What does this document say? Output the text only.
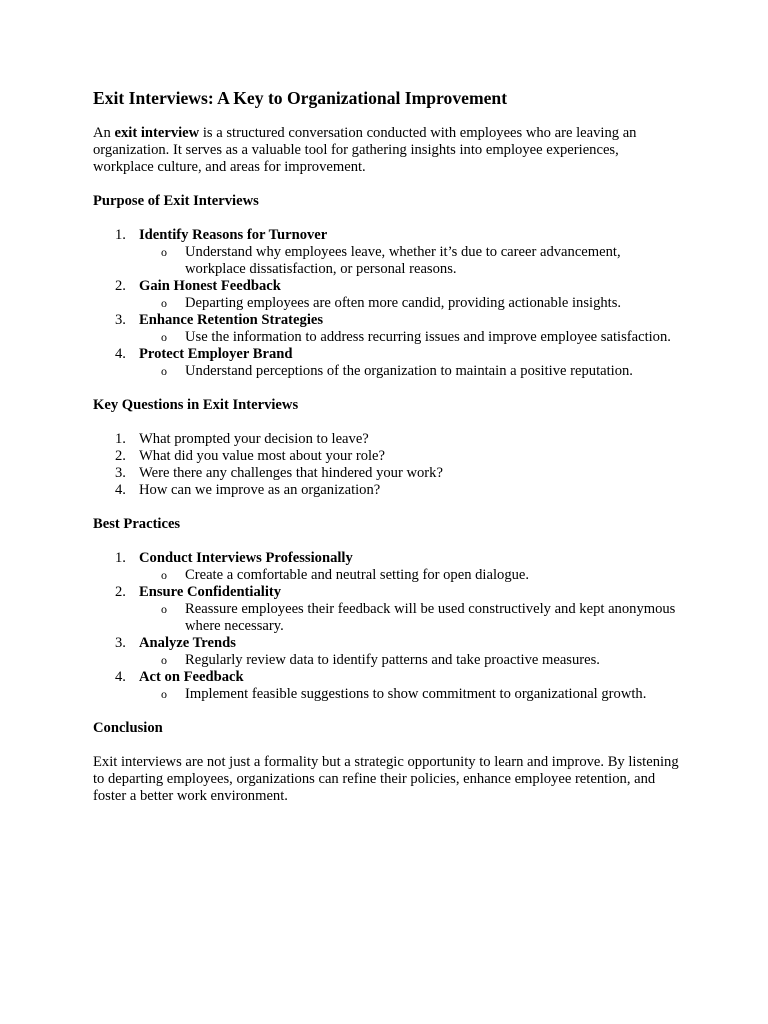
Exit Interviews: A Key to Organizational Improvement

An exit interview is a structured conversation conducted with employees who are leaving an organization. It serves as a valuable tool for gathering insights into employee experiences, workplace culture, and areas for improvement.

Purpose of Exit Interviews
1 . Identify Reasons for Turnover
o Understand why employees leave, whether it’s due to career advancement, workplace dissatisfaction, or personal reasons.
2 . Gain Honest Feedback
o Departing employees are often more candid, providing actionable insights.
3 . Enhance Retention Strategies
o Use the information to address recurring issues and improve employee satisfaction.
4 . Protect Employer Brand
o Understand perceptions of the organization to maintain a positive reputation.
Key Questions in Exit Interviews
1 . What prompted your decision to leave?
2 . What did you value most about your role?
3 . Were there any challenges that hindered your work?
4 . How can we improve as an organization?
Best Practices
1 . Conduct Interviews Professionally
o Create a comfortable and neutral setting for open dialogue.
2 . Ensure Confidentiality
o Reassure employees their feedback will be used constructively and kept anonymous where necessary.
3 . Analyze Trends
o Regularly review data to identify patterns and take proactive measures.
4 . Act on Feedback
o Implement feasible suggestions to show commitment to organizational growth.
Conclusion

Exit interviews are not just a formality but a strategic opportunity to learn and improve. By listening to departing employees, organizations can refine their policies, enhance employee retention, and foster a better work environment.
